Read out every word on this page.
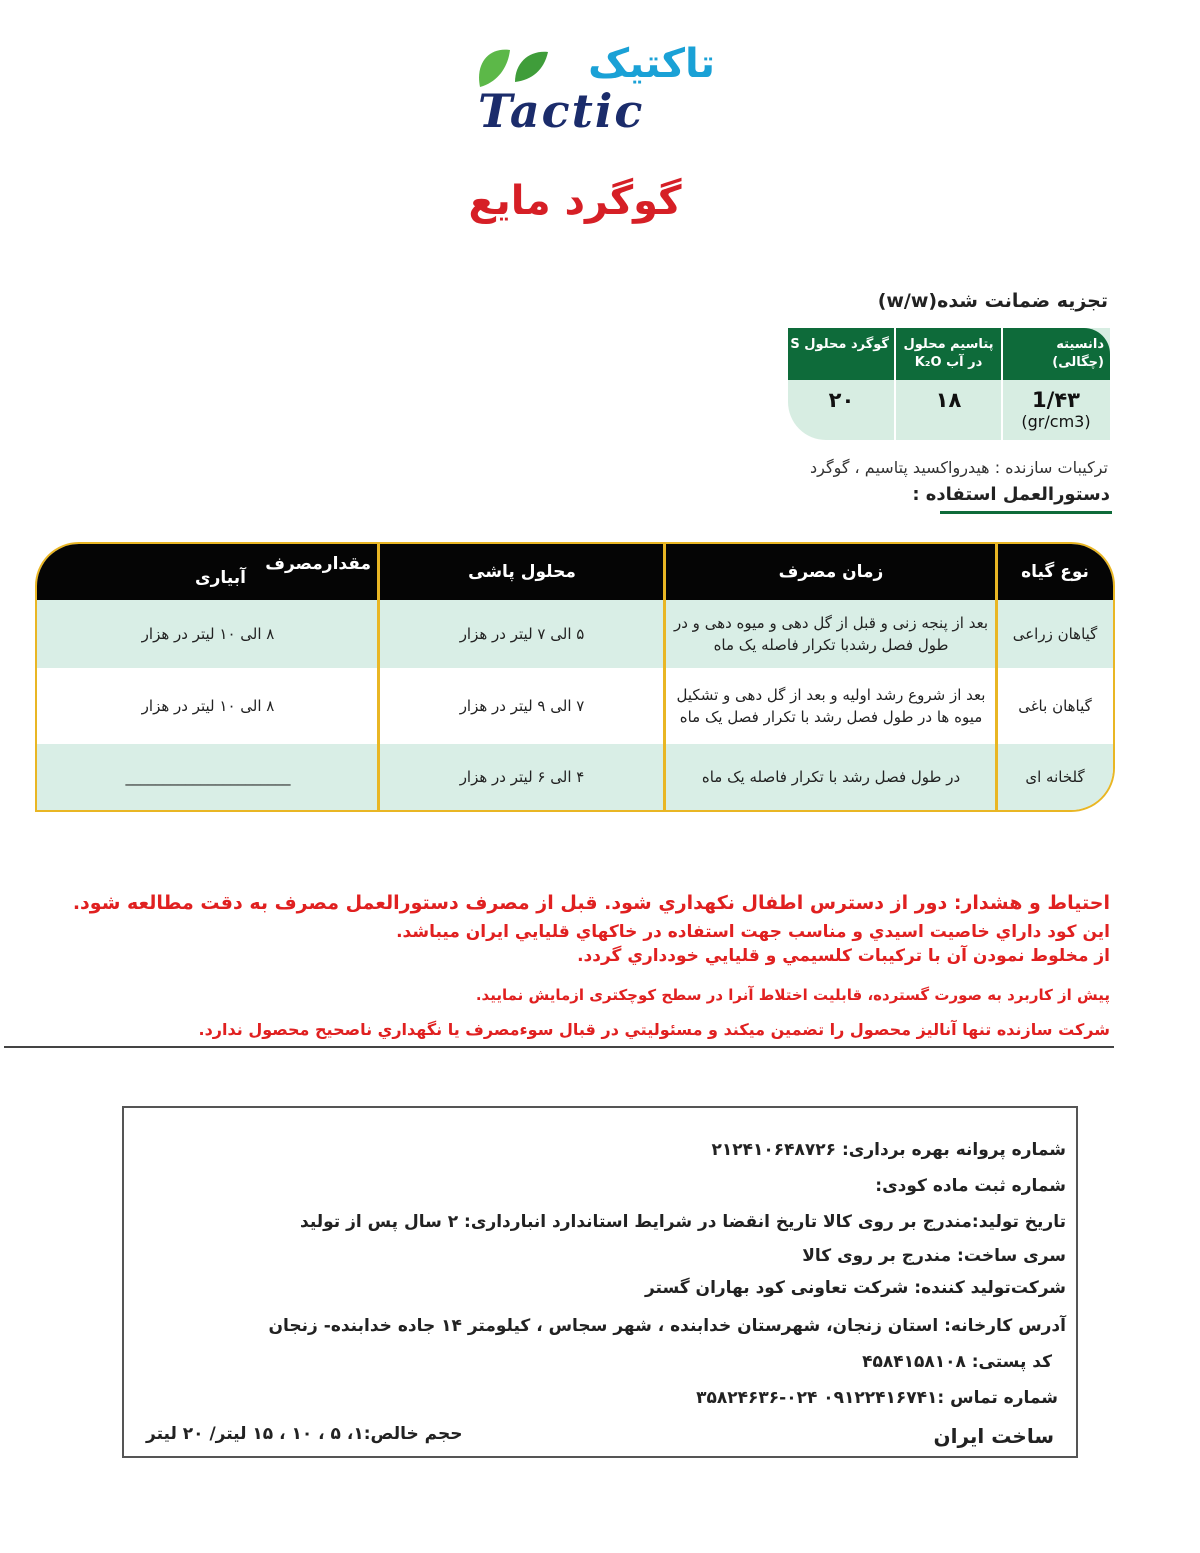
تاکتیک
Tactic
گوگرد مایع
تجزیه ضمانت شده(w/w)
دانسیته (چگالی)
پتاسیم محلول
در آب K₂O
گوگرد محلول S
1/۴۳
(gr/cm3)
۱۸
۲۰
ترکیبات سازنده : هیدرواکسید پتاسیم ، گوگرد
دستورالعمل استفاده :
نوع گیاه
زمان مصرف
محلول پاشی
مقدارمصرف
آبیاری
گیاهان زراعی
بعد از پنجه زنی و قبل از گل دهی و میوه دهی و در طول فصل رشدبا تکرار فاصله یک ماه
۵ الی ۷ لیتر در هزار
۸ الی ۱۰ لیتر در هزار
گیاهان باغی
بعد از شروع رشد اولیه و بعد از گل دهی و تشکیل میوه ها در طول فصل رشد با تکرار فصل یک ماه
۷ الی ۹ لیتر در هزار
۸ الی ۱۰ لیتر در هزار
گلخانه ای
در طول فصل رشد با تکرار فاصله یک ماه
۴ الی ۶ لیتر در هزار
______________________
احتیاط و هشدار: دور از دسترس اطفال نکهداري شود. قبل از مصرف دستورالعمل مصرف به دقت مطالعه شود.
این کود داراي خاصیت اسیدي و مناسب جهت استفاده در خاکهاي قلیایي ایران میباشد.
از مخلوط نمودن آن با ترکیبات کلسیمي و قلیایي خودداري گردد.
پیش از کاربرد به صورت گسترده، قابلیت اختلاط آنرا در سطح کوچکتری ازمایش نمایید.
شرکت سازنده تنها آنالیز محصول را تضمین میکند و مسئولیتي در قبال سوءمصرف یا نگهداري ناصحیح محصول ندارد.
شماره پروانه بهره برداری: ۲۱۲۴۱۰۶۴۸۷۲۶
شماره ثبت ماده کودی:
تاریخ تولید:مندرج بر روی کالا تاریخ انقضا در شرایط استاندارد انبارداری: ۲ سال پس از تولید
سری ساخت: مندرج بر روی کالا
شرکت‌تولید کننده: شرکت تعاونی کود بهاران گستر
آدرس کارخانه: استان زنجان، شهرستان خدابنده ، شهر سجاس ، کیلومتر ۱۴ جاده خدابنده- زنجان
کد پستی: ۴۵۸۴۱۵۸۱۰۸
شماره تماس :۰۹۱۲۲۴۱۶۷۴۱ ۰۲۴-۳۵۸۲۴۶۳۶
ساخت ایران
حجم خالص:۱، ۵ ، ۱۰ ، ۱۵ لیتر/ ۲۰ لیتر
